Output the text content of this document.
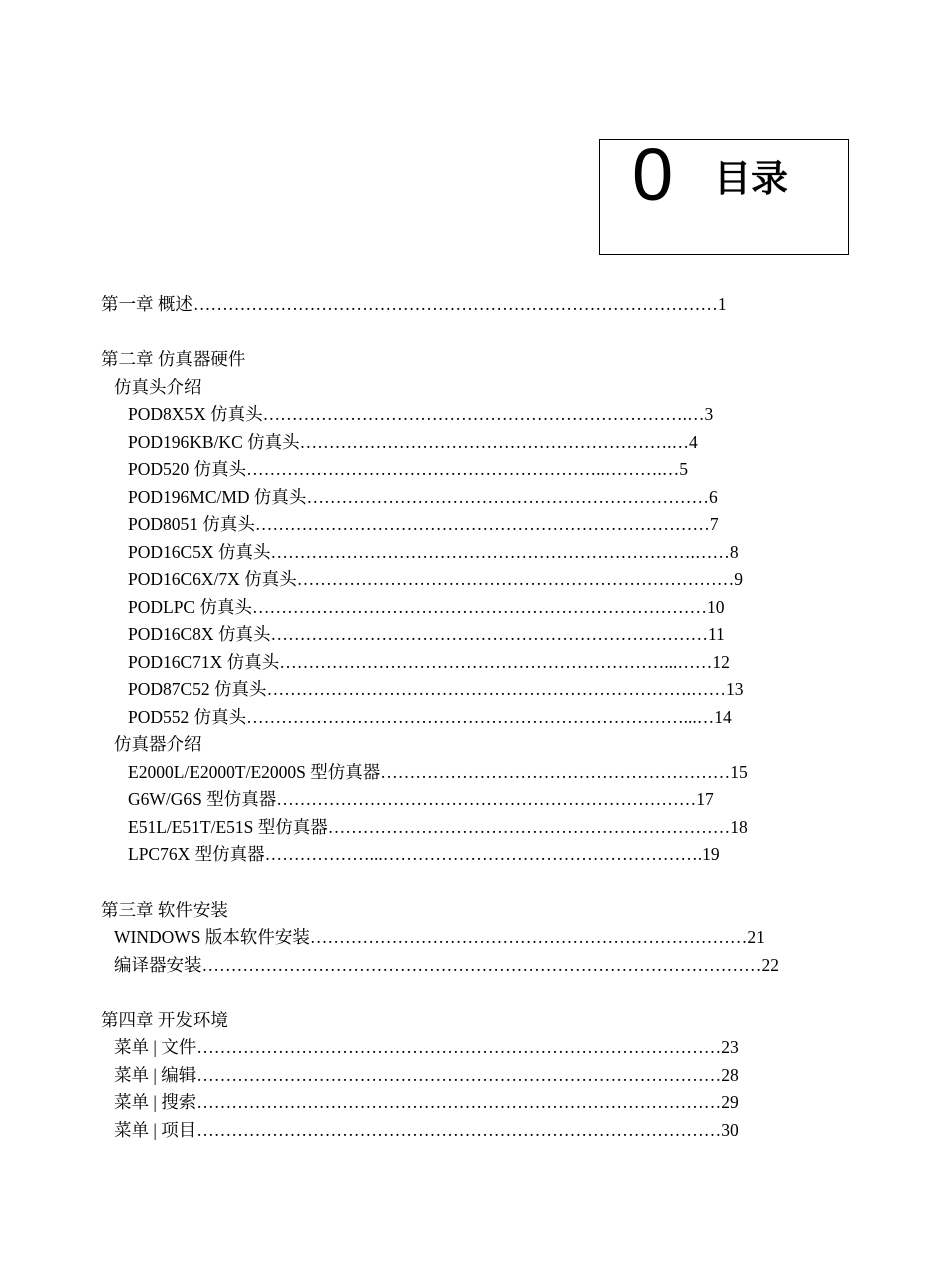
0 目录
第一章 概述………………………………………………………………………………1
第二章 仿真器硬件
仿真头介绍
POD8X5X 仿真头……………………………………………………………….…3
POD196KB/KC 仿真头……………………………………………………….…4
POD520 仿真头……………………………………………………..……….…5
POD196MC/MD 仿真头……………………………………………………………6
POD8051 仿真头……………………………………………………………………7
POD16C5X 仿真头……………………………………………………………….……8
POD16C6X/7X 仿真头…………………………………………………………………9
PODLPC 仿真头……………………………………………………………………10
POD16C8X 仿真头…………………………………………………………………11
POD16C71X 仿真头…………………………………………………………...……12
POD87C52 仿真头……………………………………………………………….……13
POD552 仿真头…………………………………………………………………...…14
仿真器介绍
E2000L/E2000T/E2000S 型仿真器……………………………………………………15
G6W/G6S 型仿真器………………………………………………………………17
E51L/E51T/E51S 型仿真器……………………………………………………………18
LPC76X 型仿真器………………...……………………………………………….19
第三章 软件安装
WINDOWS 版本软件安装…………………………………………………………………21
编译器安装……………………………………………………………………………………22
第四章 开发环境
菜单 | 文件………………………………………………………………………………23
菜单 | 编辑………………………………………………………………………………28
菜单 | 搜索………………………………………………………………………………29
菜单 | 项目………………………………………………………………………………30
